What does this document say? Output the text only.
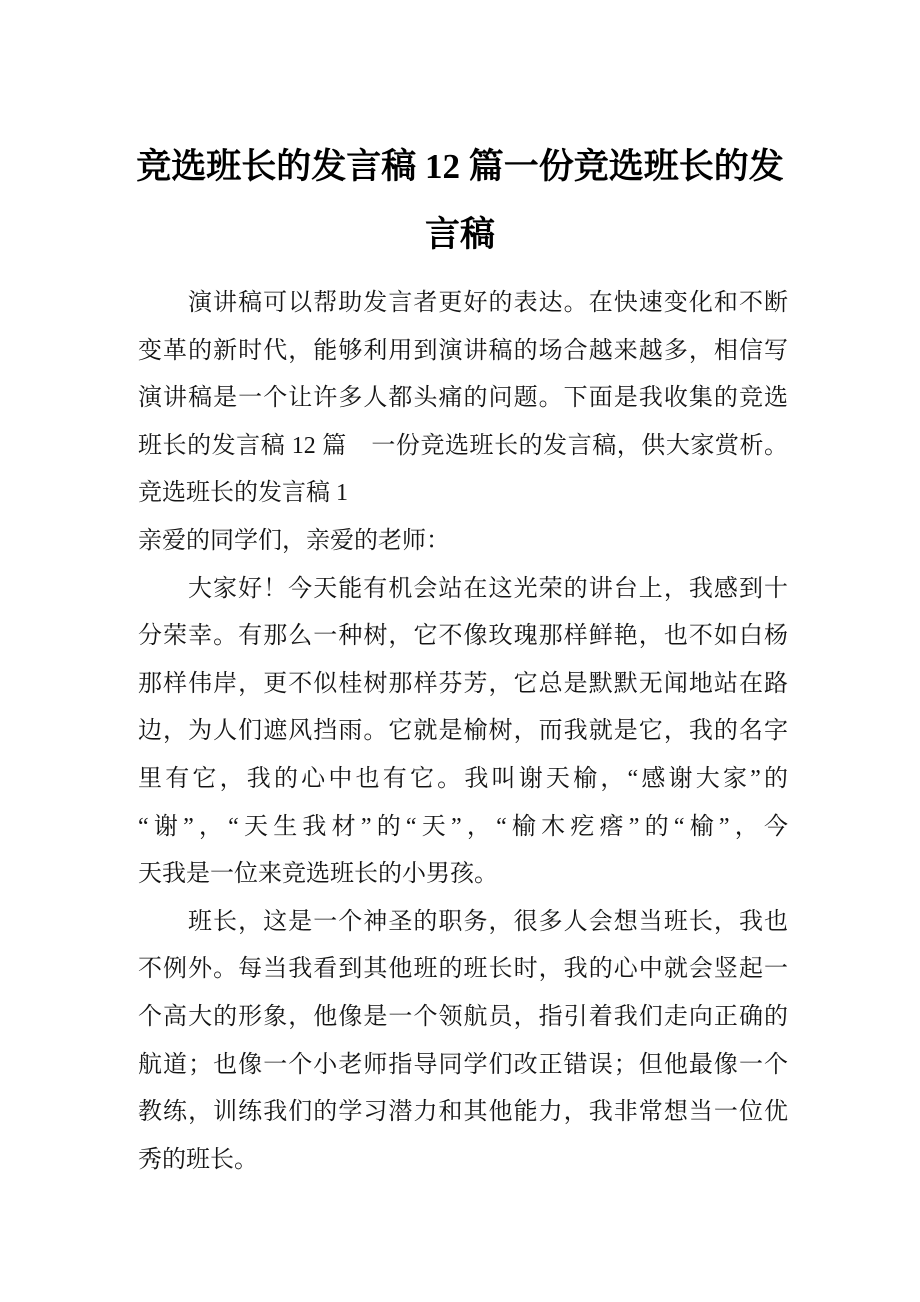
竞选班长的发言稿 12 篇一份竞选班长的发
言稿
演讲稿可以帮助发言者更好的表达。在快速变化和不断
变革的新时代，能够利用到演讲稿的场合越来越多，相信写
演讲稿是一个让许多人都头痛的问题。下面是我收集的竞选
班长的发言稿 12 篇　一份竞选班长的发言稿，供大家赏析。
竞选班长的发言稿 1
亲爱的同学们，亲爱的老师：
大家好！今天能有机会站在这光荣的讲台上，我感到十
分荣幸。有那么一种树，它不像玫瑰那样鲜艳，也不如白杨
那样伟岸，更不似桂树那样芬芳，它总是默默无闻地站在路
边，为人们遮风挡雨。它就是榆树，而我就是它，我的名字
里有它，我的心中也有它。我叫谢天榆，“感谢大家”的
“谢”，“天生我材”的“天”，“榆木疙瘩”的“榆”，今
天我是一位来竞选班长的小男孩。
班长，这是一个神圣的职务，很多人会想当班长，我也
不例外。每当我看到其他班的班长时，我的心中就会竖起一
个高大的形象，他像是一个领航员，指引着我们走向正确的
航道；也像一个小老师指导同学们改正错误；但他最像一个
教练，训练我们的学习潜力和其他能力，我非常想当一位优
秀的班长。
